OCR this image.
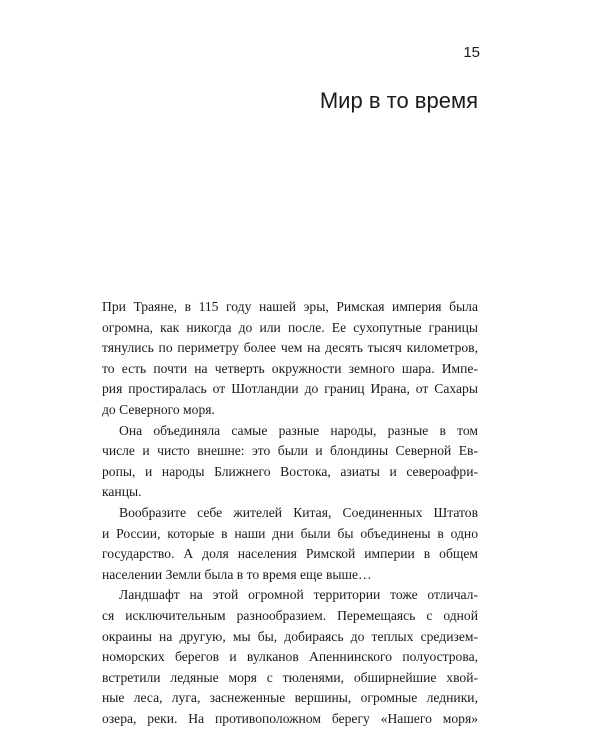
15
Мир в то время

При Траяне, в 115 году нашей эры, Римская империя была
огромна, как никогда до или после. Ее сухопутные границы
тянулись по периметру более чем на десять тысяч километров,
то есть почти на четверть окружности земного шара. Импе-
рия простиралась от Шотландии до границ Ирана, от Сахары
до Северного моря.

Она объединяла самые разные народы, разные в том
числе и чисто внешне: это были и блондины Северной Ев-
ропы, и народы Ближнего Востока, азиаты и североафри-
канцы.

Вообразите себе жителей Китая, Соединенных Штатов
и России, которые в наши дни были бы объединены в одно
государство. А доля населения Римской империи в общем
населении Земли была в то время еще выше…

Ландшафт на этой огромной территории тоже отличал-
ся исключительным разнообразием. Перемещаясь с одной
окраины на другую, мы бы, добираясь до теплых средизем-
номорских берегов и вулканов Апеннинского полуострова,
встретили ледяные моря с тюленями, обширнейшие хвой-
ные леса, луга, заснеженные вершины, огромные ледники,
озера, реки. На противоположном берегу «Нашего моря»
